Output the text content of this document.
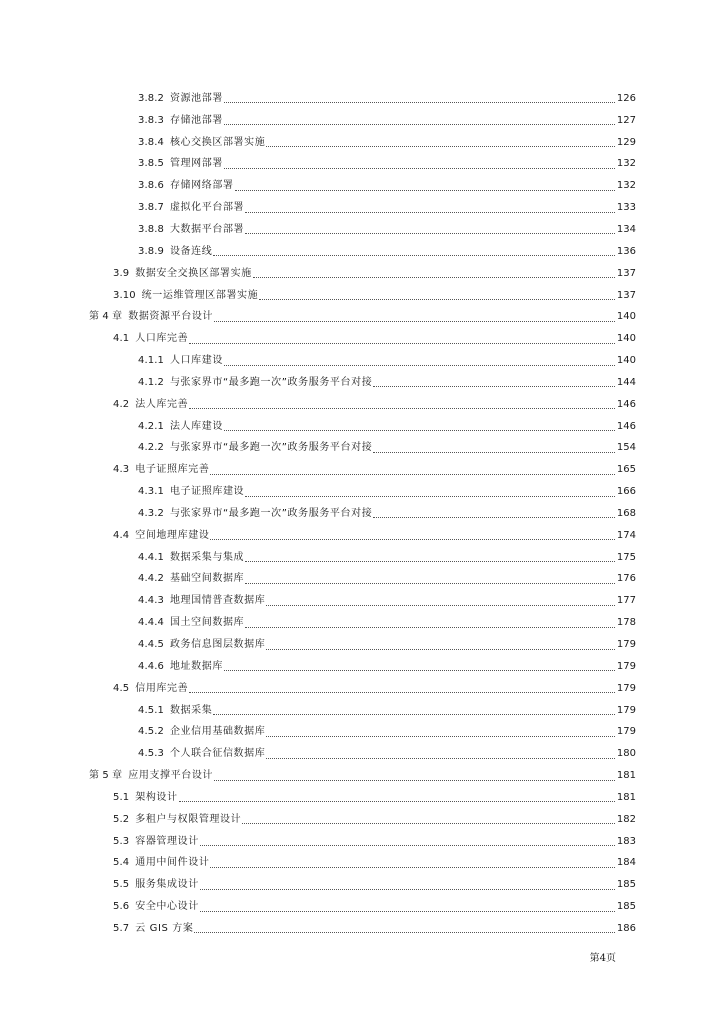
3.8.2 资源池部署	126
3.8.3 存储池部署	127
3.8.4 核心交换区部署实施	129
3.8.5 管理网部署	132
3.8.6 存储网络部署	132
3.8.7 虚拟化平台部署	133
3.8.8 大数据平台部署	134
3.8.9 设备连线	136
3.9 数据安全交换区部署实施	137
3.10 统一运维管理区部署实施	137
第 4 章 数据资源平台设计	140
4.1 人口库完善	140
4.1.1 人口库建设	140
4.1.2 与张家界市“最多跑一次”政务服务平台对接	144
4.2 法人库完善	146
4.2.1 法人库建设	146
4.2.2 与张家界市“最多跑一次”政务服务平台对接	154
4.3 电子证照库完善	165
4.3.1 电子证照库建设	166
4.3.2 与张家界市“最多跑一次”政务服务平台对接	168
4.4 空间地理库建设	174
4.4.1 数据采集与集成	175
4.4.2 基础空间数据库	176
4.4.3 地理国情普查数据库	177
4.4.4 国土空间数据库	178
4.4.5 政务信息图层数据库	179
4.4.6 地址数据库	179
4.5 信用库完善	179
4.5.1 数据采集	179
4.5.2 企业信用基础数据库	179
4.5.3 个人联合征信数据库	180
第 5 章 应用支撑平台设计	181
5.1 架构设计	181
5.2 多租户与权限管理设计	182
5.3 容器管理设计	183
5.4 通用中间件设计	184
5.5 服务集成设计	185
5.6 安全中心设计	185
5.7 云 GIS 方案	186
第4页
